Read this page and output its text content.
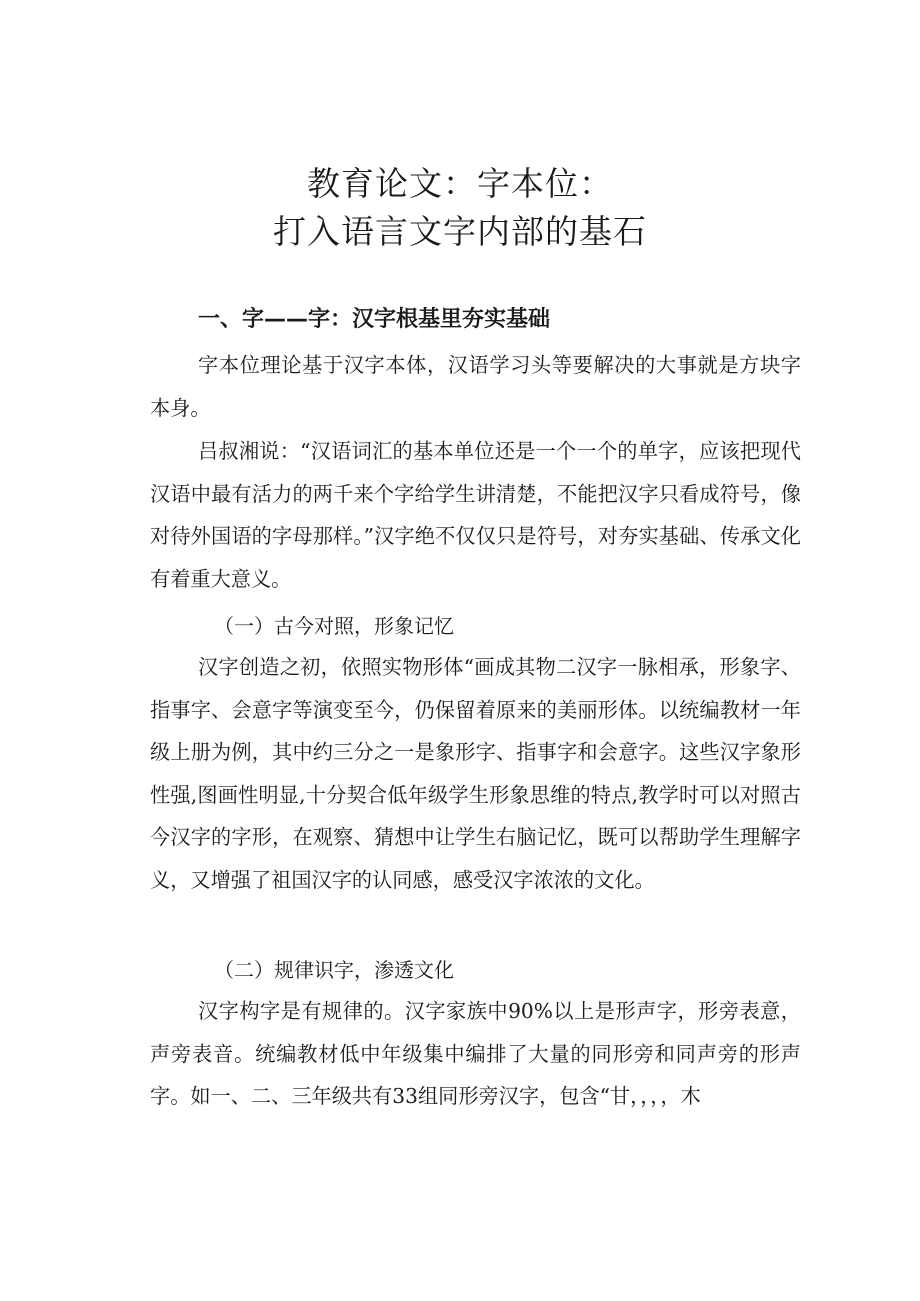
教育论文：字本位：
打入语言文字内部的基石
一、字——字：汉字根基里夯实基础

字本位理论基于汉字本体，汉语学习头等要解决的大事就是方块字本身。

吕叔湘说：“汉语词汇的基本单位还是一个一个的单字，应该把现代汉语中最有活力的两千来个字给学生讲清楚，不能把汉字只看成符号，像对待外国语的字母那样。”汉字绝不仅仅只是符号，对夯实基础、传承文化有着重大意义。

（一）古今对照，形象记忆

汉字创造之初，依照实物形体“画成其物二汉字一脉相承，形象字、指事字、会意字等演变至今，仍保留着原来的美丽形体。以统编教材一年级上册为例，其中约三分之一是象形字、指事字和会意字。这些汉字象形性强,图画性明显,十分契合低年级学生形象思维的特点,教学时可以对照古今汉字的字形，在观察、猜想中让学生右脑记忆，既可以帮助学生理解字义，又增强了祖国汉字的认同感，感受汉字浓浓的文化。

（二）规律识字，渗透文化

汉字构字是有规律的。汉字家族中90%以上是形声字，形旁表意，声旁表音。统编教材低中年级集中编排了大量的同形旁和同声旁的形声字。如一、二、三年级共有33组同形旁汉字，包含“甘，，，，木
